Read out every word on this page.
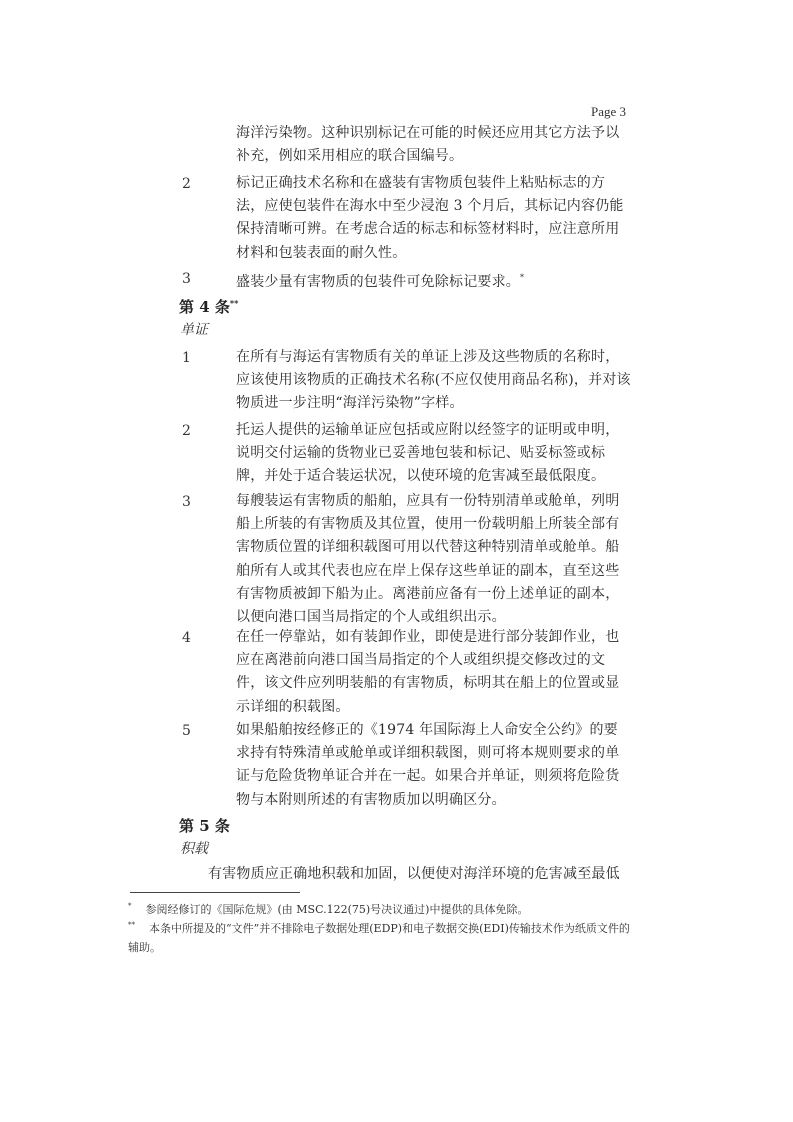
Page 3
海洋污染物。这种识别标记在可能的时候还应用其它方法予以补充，例如采用相应的联合国编号。
2	标记正确技术名称和在盛装有害物质包装件上粘贴标志的方法，应使包装件在海水中至少浸泡 3 个月后，其标记内容仍能保持清晰可辨。在考虑合适的标志和标签材料时，应注意所用材料和包装表面的耐久性。
3	盛装少量有害物质的包装件可免除标记要求。*
第 4 条**
单证
1	在所有与海运有害物质有关的单证上涉及这些物质的名称时，应该使用该物质的正确技术名称(不应仅使用商品名称)，并对该物质进一步注明“海洋污染物”字样。
2	托运人提供的运输单证应包括或应附以经签字的证明或申明，说明交付运输的货物业已妥善地包装和标记、贴妥标签或标牌，并处于适合装运状况，以使环境的危害减至最低限度。
3	每艘装运有害物质的船舶，应具有一份特别清单或舱单，列明船上所装的有害物质及其位置，使用一份载明船上所装全部有害物质位置的详细积载图可用以代替这种特别清单或舱单。船舶所有人或其代表也应在岸上保存这些单证的副本，直至这些有害物质被卸下船为止。离港前应备有一份上述单证的副本，以便向港口国当局指定的个人或组织出示。
4	在任一停靠站，如有装卸作业，即使是进行部分装卸作业，也应在离港前向港口国当局指定的个人或组织提交修改过的文件，该文件应列明装船的有害物质，标明其在船上的位置或显示详细的积载图。
5	如果船舶按经修正的《1974 年国际海上人命安全公约》的要求持有特殊清单或舱单或详细积载图，则可将本规则要求的单证与危险货物单证合并在一起。如果合并单证，则须将危险货物与本附则所述的有害物质加以明确区分。
第 5 条
积载
有害物质应正确地积载和加固，以便使对海洋环境的危害减至最低
* 参阅经修订的《国际危规》(由 MSC.122(75)号决议通过)中提供的具体免除。
** 本条中所提及的“文件”并不排除电子数据处理(EDP)和电子数据交换(EDI)传输技术作为纸质文件的辅助。
